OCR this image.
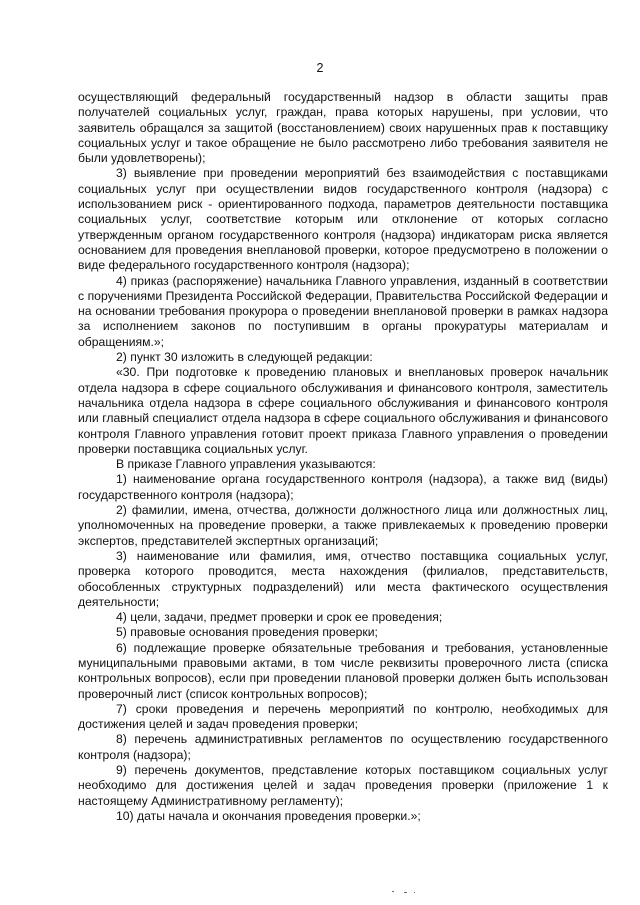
2

осуществляющий федеральный государственный надзор в области защиты прав получателей социальных услуг, граждан, права которых нарушены, при условии, что заявитель обращался за защитой (восстановлением) своих нарушенных прав к поставщику социальных услуг и такое обращение не было рассмотрено либо требования заявителя не были удовлетворены);

3) выявление при проведении мероприятий без взаимодействия с поставщиками социальных услуг при осуществлении видов государственного контроля (надзора) с использованием риск - ориентированного подхода, параметров деятельности поставщика социальных услуг, соответствие которым или отклонение от которых согласно утвержденным органом государственного контроля (надзора) индикаторам риска является основанием для проведения внеплановой проверки, которое предусмотрено в положении о виде федерального государственного контроля (надзора);

4) приказ (распоряжение) начальника Главного управления, изданный в соответствии с поручениями Президента Российской Федерации, Правительства Российской Федерации и на основании требования прокурора о проведении внеплановой проверки в рамках надзора за исполнением законов по поступившим в органы прокуратуры материалам и обращениям.»;

2) пункт 30 изложить в следующей редакции:

«30. При подготовке к проведению плановых и внеплановых проверок начальник отдела надзора в сфере социального обслуживания и финансового контроля, заместитель начальника отдела надзора в сфере социального обслуживания и финансового контроля или главный специалист отдела надзора в сфере социального обслуживания и финансового контроля Главного управления готовит проект приказа Главного управления о проведении проверки поставщика социальных услуг.

В приказе Главного управления указываются:

1) наименование органа государственного контроля (надзора), а также вид (виды) государственного контроля (надзора);

2) фамилии, имена, отчества, должности должностного лица или должностных лиц, уполномоченных на проведение проверки, а также привлекаемых к проведению проверки экспертов, представителей экспертных организаций;

3) наименование или фамилия, имя, отчество поставщика социальных услуг, проверка которого проводится, места нахождения (филиалов, представительств, обособленных структурных подразделений) или места фактического осуществления деятельности;

4) цели, задачи, предмет проверки и срок ее проведения;

5) правовые основания проведения проверки;

6) подлежащие проверке обязательные требования и требования, установленные муниципальными правовыми актами, в том числе реквизиты проверочного листа (списка контрольных вопросов), если при проведении плановой проверки должен быть использован проверочный лист (список контрольных вопросов);

7) сроки проведения и перечень мероприятий по контролю, необходимых для достижения целей и задач проведения проверки;

8) перечень административных регламентов по осуществлению государственного контроля (надзора);

9) перечень документов, представление которых поставщиком социальных услуг необходимо для достижения целей и задач проведения проверки (приложение 1 к настоящему Административному регламенту);

10) даты начала и окончания проведения проверки.»;
